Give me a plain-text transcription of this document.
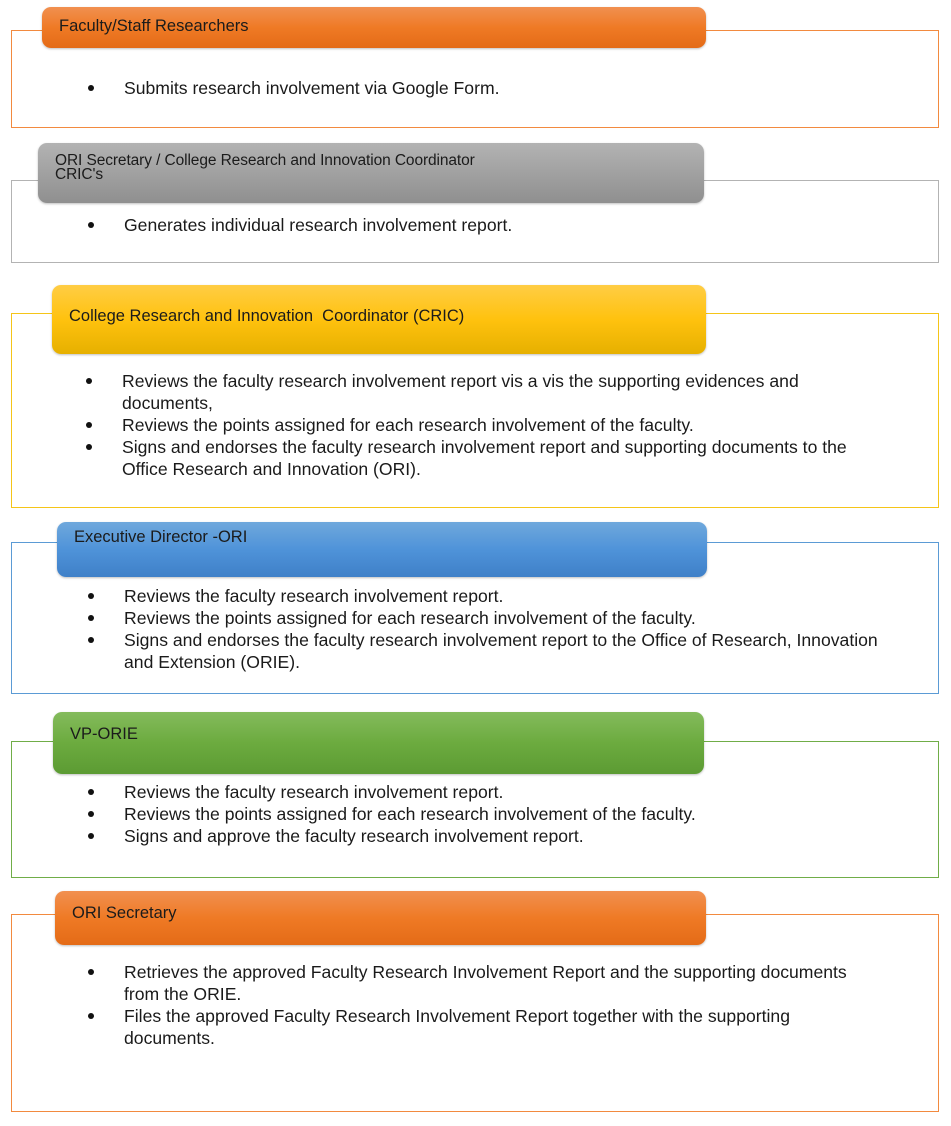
Faculty/Staff Researchers
Submits research involvement via Google Form.
ORI Secretary / College Research and Innovation Coordinator
CRIC's
Generates individual research involvement report.
College Research and Innovation  Coordinator (CRIC)
Reviews the faculty research involvement report vis a vis the supporting evidences and documents,
Reviews the points assigned for each research involvement of the faculty.
Signs and endorses the faculty research involvement report and supporting documents to the Office Research and Innovation (ORI).
Executive Director -ORI
Reviews the faculty research involvement report.
Reviews the points assigned for each research involvement of the faculty.
Signs and endorses the faculty research involvement report to the Office of Research, Innovation and Extension (ORIE).
VP-ORIE
Reviews the faculty research involvement report.
Reviews the points assigned for each research involvement of the faculty.
Signs and approve the faculty research involvement report.
ORI Secretary
Retrieves the approved Faculty Research Involvement Report and the supporting documents from the ORIE.
Files the approved Faculty Research Involvement Report together with the supporting documents.
